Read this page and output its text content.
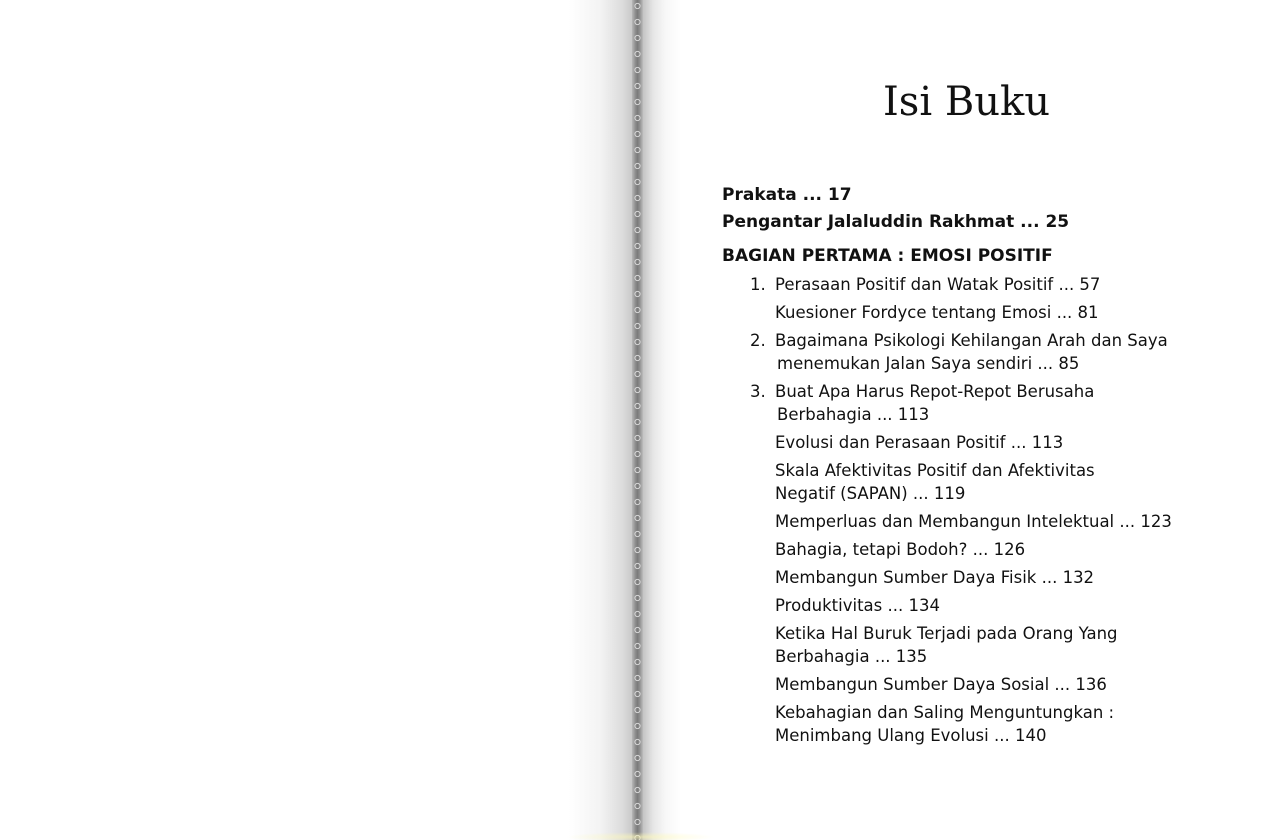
Isi Buku
Prakata ... 17
Pengantar Jalaluddin Rakhmat ... 25
BAGIAN PERTAMA : EMOSI POSITIF
1. Perasaan Positif dan Watak Positif ... 57
Kuesioner Fordyce tentang Emosi ... 81
2. Bagaimana Psikologi Kehilangan Arah dan Saya
menemukan Jalan Saya sendiri ... 85
3. Buat Apa Harus Repot-Repot Berusaha
Berbahagia ... 113
Evolusi dan Perasaan Positif ... 113
Skala Afektivitas Positif dan Afektivitas
Negatif (SAPAN) ... 119
Memperluas dan Membangun Intelektual ... 123
Bahagia, tetapi Bodoh? ... 126
Membangun Sumber Daya Fisik ... 132
Produktivitas ... 134
Ketika Hal Buruk Terjadi pada Orang Yang
Berbahagia ... 135
Membangun Sumber Daya Sosial ... 136
Kebahagian dan Saling Menguntungkan :
Menimbang Ulang Evolusi ... 140
